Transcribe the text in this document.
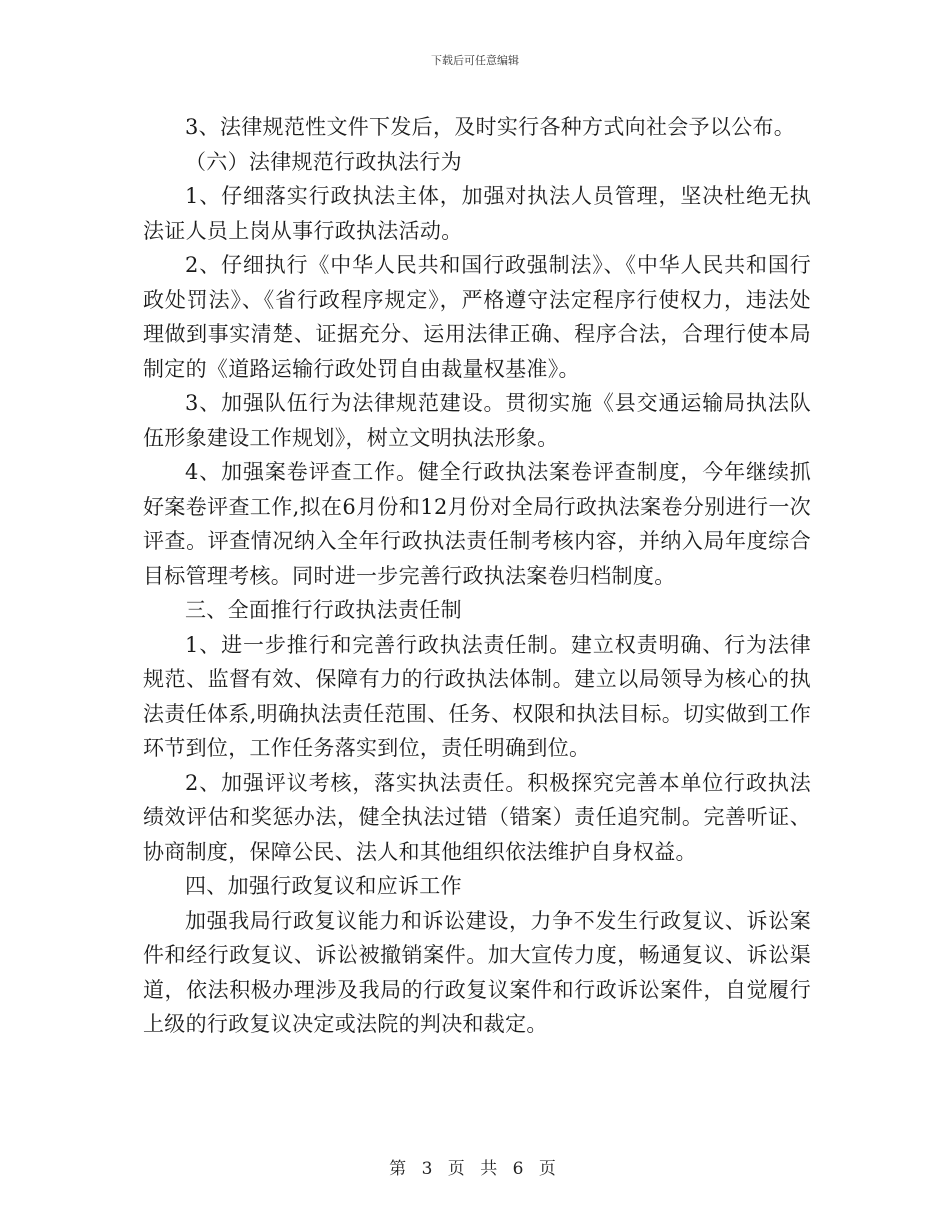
下载后可任意编辑

3、法律规范性文件下发后，及时实行各种方式向社会予以公布。

（六）法律规范行政执法行为

1、仔细落实行政执法主体，加强对执法人员管理，坚决杜绝无执法证人员上岗从事行政执法活动。

2、仔细执行《中华人民共和国行政强制法》、《中华人民共和国行政处罚法》、《省行政程序规定》，严格遵守法定程序行使权力，违法处理做到事实清楚、证据充分、运用法律正确、程序合法，合理行使本局制定的《道路运输行政处罚自由裁量权基准》。

3、加强队伍行为法律规范建设。贯彻实施《县交通运输局执法队伍形象建设工作规划》，树立文明执法形象。

4、加强案卷评查工作。健全行政执法案卷评查制度，今年继续抓好案卷评查工作,拟在6月份和12月份对全局行政执法案卷分别进行一次评查。评查情况纳入全年行政执法责任制考核内容，并纳入局年度综合目标管理考核。同时进一步完善行政执法案卷归档制度。

三、全面推行行政执法责任制

1、进一步推行和完善行政执法责任制。建立权责明确、行为法律规范、监督有效、保障有力的行政执法体制。建立以局领导为核心的执法责任体系,明确执法责任范围、任务、权限和执法目标。切实做到工作环节到位，工作任务落实到位，责任明确到位。

2、加强评议考核，落实执法责任。积极探究完善本单位行政执法绩效评估和奖惩办法，健全执法过错（错案）责任追究制。完善听证、协商制度，保障公民、法人和其他组织依法维护自身权益。

四、加强行政复议和应诉工作

加强我局行政复议能力和诉讼建设，力争不发生行政复议、诉讼案件和经行政复议、诉讼被撤销案件。加大宣传力度，畅通复议、诉讼渠道，依法积极办理涉及我局的行政复议案件和行政诉讼案件，自觉履行上级的行政复议决定或法院的判决和裁定。

第 3 页 共 6 页
